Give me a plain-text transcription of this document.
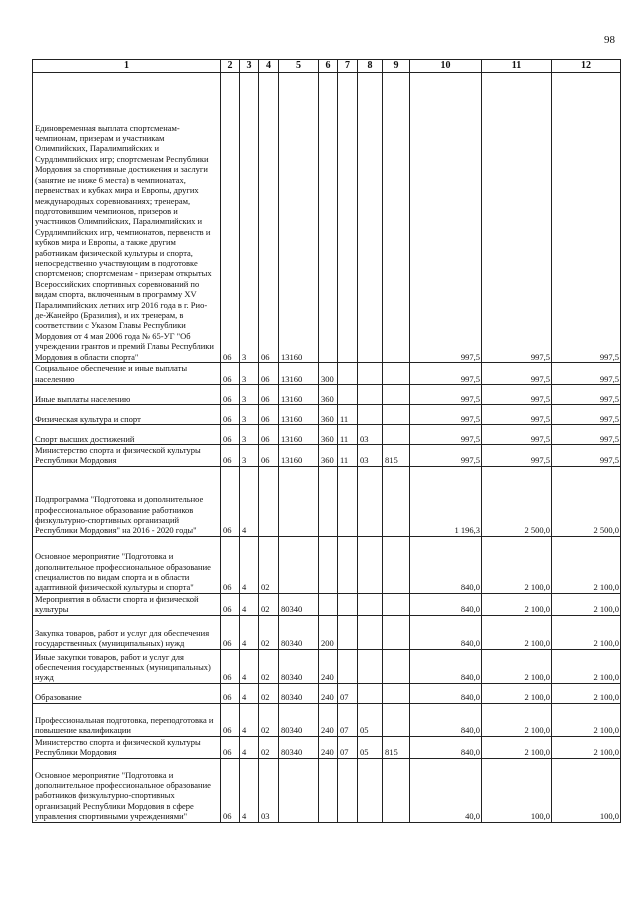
98
1	2	3	4	5	6	7	8	9	10	11	12
Единовременная выплата спортсменам-чемпионам, призерам и участникам Олимпийских, Паралимпийских и Сурдлимпийских игр; спортсменам Республики Мордовия за спортивные достижения и заслуги (занятие не ниже 6 места) в чемпионатах, первенствах и кубках мира и Европы, других международных соревнованиях; тренерам, подготовившим чемпионов, призеров и участников Олимпийских, Паралимпийских и Сурдлимпийских игр, чемпионатов, первенств и кубков мира и Европы, а также другим работникам физической культуры и спорта, непосредственно участвующим в подготовке спортсменов; спортсменам - призерам открытых Всероссийских спортивных соревнований по видам спорта, включенным в программу XV Паралимпийских летних игр 2016 года в г. Рио-де-Жанейро (Бразилия), и их тренерам, в соответствии с Указом Главы Республики Мордовия от 4 мая 2006 года № 65-УГ "Об учреждении грантов и премий Главы Республики Мордовия в области спорта"	06	3	06	13160					997,5	997,5	997,5
Социальное обеспечение и иные выплаты населению	06	3	06	13160	300				997,5	997,5	997,5
Иные выплаты населению	06	3	06	13160	360				997,5	997,5	997,5
Физическая культура и спорт	06	3	06	13160	360	11			997,5	997,5	997,5
Спорт высших достижений	06	3	06	13160	360	11	03		997,5	997,5	997,5
Министерство спорта и физической культуры Республики Мордовия	06	3	06	13160	360	11	03	815	997,5	997,5	997,5
Подпрограмма "Подготовка и дополнительное профессиональное образование работников физкультурно-спортивных организаций Республики Мордовия" на 2016 - 2020 годы"	06	4							1 196,3	2 500,0	2 500,0
Основное мероприятие "Подготовка и дополнительное профессиональное образование специалистов по видам спорта и в области адаптивной физической культуры и спорта"	06	4	02						840,0	2 100,0	2 100,0
Мероприятия в области спорта и физической культуры	06	4	02	80340					840,0	2 100,0	2 100,0
Закупка товаров, работ и услуг для обеспечения государственных (муниципальных) нужд	06	4	02	80340	200				840,0	2 100,0	2 100,0
Иные закупки товаров, работ и услуг для обеспечения государственных (муниципальных) нужд	06	4	02	80340	240				840,0	2 100,0	2 100,0
Образование	06	4	02	80340	240	07			840,0	2 100,0	2 100,0
Профессиональная подготовка, переподготовка и повышение квалификации	06	4	02	80340	240	07	05		840,0	2 100,0	2 100,0
Министерство спорта и физической культуры Республики Мордовия	06	4	02	80340	240	07	05	815	840,0	2 100,0	2 100,0
Основное мероприятие "Подготовка и дополнительное профессиональное образование работников физкультурно-спортивных организаций Республики Мордовия в сфере управления спортивными учреждениями"	06	4	03						40,0	100,0	100,0
